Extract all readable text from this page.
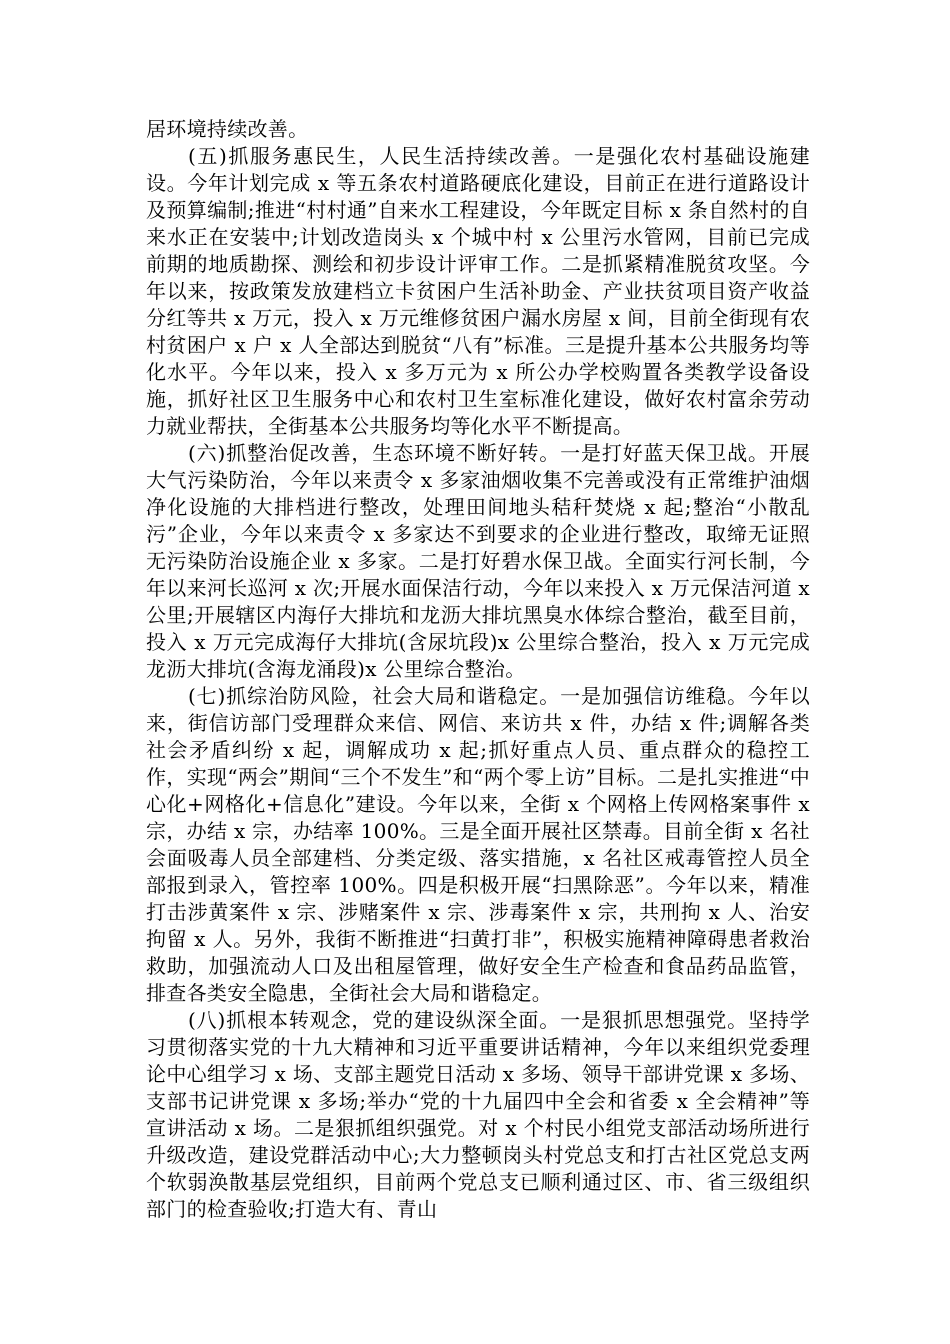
居环境持续改善。

(五)抓服务惠民生，人民生活持续改善。一是强化农村基础设施建设。今年计划完成 x 等五条农村道路硬底化建设，目前正在进行道路设计及预算编制;推进“村村通”自来水工程建设，今年既定目标 x 条自然村的自来水正在安装中;计划改造岗头 x 个城中村 x 公里污水管网，目前已完成前期的地质勘探、测绘和初步设计评审工作。二是抓紧精准脱贫攻坚。今年以来，按政策发放建档立卡贫困户生活补助金、产业扶贫项目资产收益分红等共 x 万元，投入 x 万元维修贫困户漏水房屋 x 间，目前全街现有农村贫困户 x 户 x 人全部达到脱贫“八有”标准。三是提升基本公共服务均等化水平。今年以来，投入 x 多万元为 x 所公办学校购置各类教学设备设施，抓好社区卫生服务中心和农村卫生室标准化建设，做好农村富余劳动力就业帮扶，全街基本公共服务均等化水平不断提高。

(六)抓整治促改善，生态环境不断好转。一是打好蓝天保卫战。开展大气污染防治，今年以来责令 x 多家油烟收集不完善或没有正常维护油烟净化设施的大排档进行整改，处理田间地头秸秆焚烧 x 起;整治“小散乱污”企业，今年以来责令 x 多家达不到要求的企业进行整改，取缔无证照无污染防治设施企业 x 多家。二是打好碧水保卫战。全面实行河长制，今年以来河长巡河 x 次;开展水面保洁行动，今年以来投入 x 万元保洁河道 x 公里;开展辖区内海仔大排坑和龙沥大排坑黑臭水体综合整治，截至目前，投入 x 万元完成海仔大排坑(含尿坑段)x 公里综合整治，投入 x 万元完成龙沥大排坑(含海龙涌段)x 公里综合整治。

(七)抓综治防风险，社会大局和谐稳定。一是加强信访维稳。今年以来，街信访部门受理群众来信、网信、来访共 x 件，办结 x 件;调解各类社会矛盾纠纷 x 起，调解成功 x 起;抓好重点人员、重点群众的稳控工作，实现“两会”期间“三个不发生”和“两个零上访”目标。二是扎实推进“中心化+网格化+信息化”建设。今年以来，全街 x 个网格上传网格案事件 x 宗，办结 x 宗，办结率 100%。三是全面开展社区禁毒。目前全街 x 名社会面吸毒人员全部建档、分类定级、落实措施，x 名社区戒毒管控人员全部报到录入，管控率 100%。四是积极开展“扫黑除恶”。今年以来，精准打击涉黄案件 x 宗、涉赌案件 x 宗、涉毒案件 x 宗，共刑拘 x 人、治安拘留 x 人。另外，我街不断推进“扫黄打非”，积极实施精神障碍患者救治救助，加强流动人口及出租屋管理，做好安全生产检查和食品药品监管，排查各类安全隐患，全街社会大局和谐稳定。

(八)抓根本转观念，党的建设纵深全面。一是狠抓思想强党。坚持学习贯彻落实党的十九大精神和习近平重要讲话精神，今年以来组织党委理论中心组学习 x 场、支部主题党日活动 x 多场、领导干部讲党课 x 多场、支部书记讲党课 x 多场;举办“党的十九届四中全会和省委 x 全会精神”等宣讲活动 x 场。二是狠抓组织强党。对 x 个村民小组党支部活动场所进行升级改造，建设党群活动中心;大力整顿岗头村党总支和打古社区党总支两个软弱涣散基层党组织，目前两个党总支已顺利通过区、市、省三级组织部门的检查验收;打造大有、青山
